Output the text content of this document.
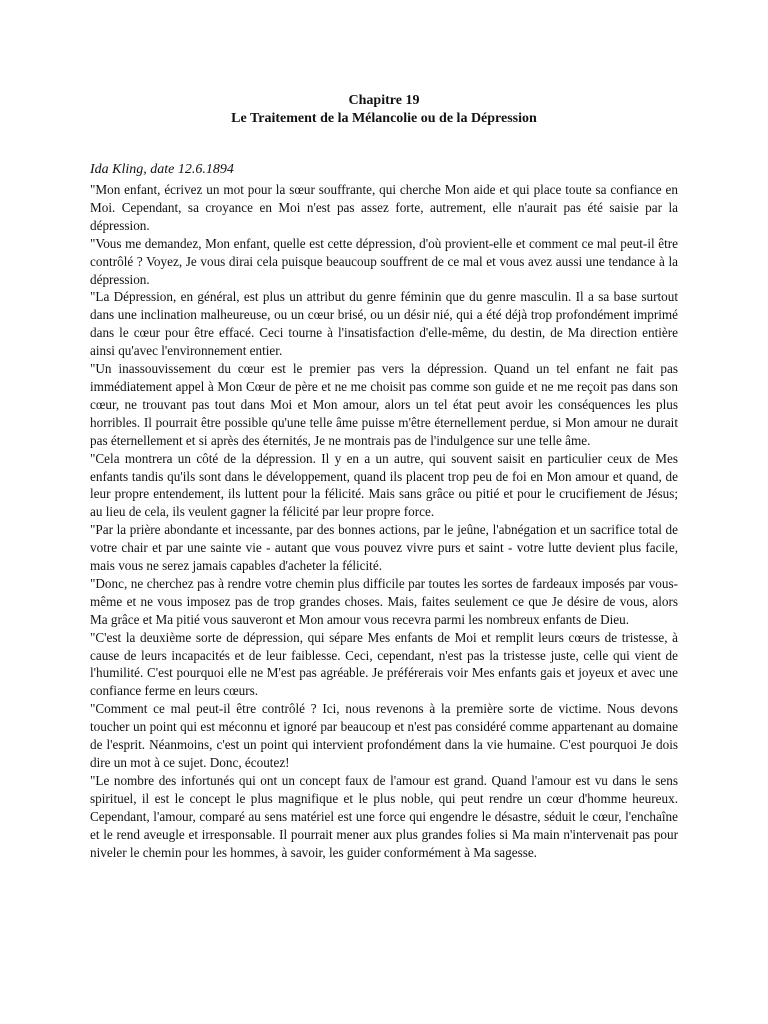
Chapitre 19
Le Traitement de la Mélancolie ou de la Dépression

Ida Kling, date 12.6.1894

"Mon enfant, écrivez un mot pour la sœur souffrante, qui cherche Mon aide et qui place toute sa confiance en Moi. Cependant, sa croyance en Moi n'est pas assez forte, autrement, elle n'aurait pas été saisie par la dépression.

"Vous me demandez, Mon enfant, quelle est cette dépression, d'où provient-elle et comment ce mal peut-il être contrôlé ? Voyez, Je vous dirai cela puisque beaucoup souffrent de ce mal et vous avez aussi une tendance à la dépression.

"La Dépression, en général, est plus un attribut du genre féminin que du genre masculin. Il a sa base surtout dans une inclination malheureuse, ou un cœur brisé, ou un désir nié, qui a été déjà trop profondément imprimé dans le cœur pour être effacé. Ceci tourne à l'insatisfaction d'elle-même, du destin, de Ma direction entière ainsi qu'avec l'environnement entier.

"Un inassouvissement du cœur est le premier pas vers la dépression. Quand un tel enfant ne fait pas immédiatement appel à Mon Cœur de père et ne me choisit pas comme son guide et ne me reçoit pas dans son cœur, ne trouvant pas tout dans Moi et Mon amour, alors un tel état peut avoir les conséquences les plus horribles. Il pourrait être possible qu'une telle âme puisse m'être éternellement perdue, si Mon amour ne durait pas éternellement et si après des éternités, Je ne montrais pas de l'indulgence sur une telle âme.

"Cela montrera un côté de la dépression. Il y en a un autre, qui souvent saisit en particulier ceux de Mes enfants tandis qu'ils sont dans le développement, quand ils placent trop peu de foi en Mon amour et quand, de leur propre entendement, ils luttent pour la félicité. Mais sans grâce ou pitié et pour le crucifiement de Jésus; au lieu de cela, ils veulent gagner la félicité par leur propre force.

"Par la prière abondante et incessante, par des bonnes actions, par le jeûne, l'abnégation et un sacrifice total de votre chair et par une sainte vie - autant que vous pouvez vivre purs et saint - votre lutte devient plus facile, mais vous ne serez jamais capables d'acheter la félicité.

"Donc, ne cherchez pas à rendre votre chemin plus difficile par toutes les sortes de fardeaux imposés par vous-même et ne vous imposez pas de trop grandes choses. Mais, faites seulement ce que Je désire de vous, alors Ma grâce et Ma pitié vous sauveront et Mon amour vous recevra parmi les nombreux enfants de Dieu.

"C'est la deuxième sorte de dépression, qui sépare Mes enfants de Moi et remplit leurs cœurs de tristesse, à cause de leurs incapacités et de leur faiblesse. Ceci, cependant, n'est pas la tristesse juste, celle qui vient de l'humilité. C'est pourquoi elle ne M'est pas agréable. Je préférerais voir Mes enfants gais et joyeux et avec une confiance ferme en leurs cœurs.

"Comment ce mal peut-il être contrôlé ? Ici, nous revenons à la première sorte de victime. Nous devons toucher un point qui est méconnu et ignoré par beaucoup et n'est pas considéré comme appartenant au domaine de l'esprit. Néanmoins, c'est un point qui intervient profondément dans la vie humaine. C'est pourquoi Je dois dire un mot à ce sujet. Donc, écoutez!

"Le nombre des infortunés qui ont un concept faux de l'amour est grand. Quand l'amour est vu dans le sens spirituel, il est le concept le plus magnifique et le plus noble, qui peut rendre un cœur d'homme heureux. Cependant, l'amour, comparé au sens matériel est une force qui engendre le désastre, séduit le cœur, l'enchaîne et le rend aveugle et irresponsable. Il pourrait mener aux plus grandes folies si Ma main n'intervenait pas pour niveler le chemin pour les hommes, à savoir, les guider conformément à Ma sagesse.
